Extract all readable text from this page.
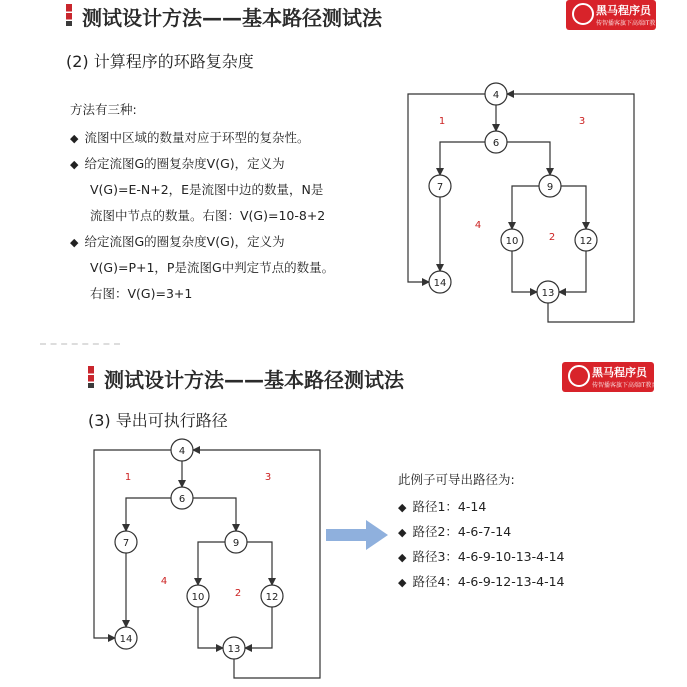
测试设计方法——基本路径测试法	黑马程序员
传智播客旗下高端IT教育品牌
(2) 计算程序的环路复杂度
方法有三种:
◆ 流图中区域的数量对应于环型的复杂性。
◆ 给定流图G的圈复杂度V(G)，定义为
V(G)=E-N+2，E是流图中边的数量，N是
流图中节点的数量。右图：V(G)=10-8+2
◆ 给定流图G的圈复杂度V(G)，定义为
V(G)=P+1，P是流图G中判定节点的数量。
右图：V(G)=3+1
4
6
7	9
10	12
13
14
1
2
3
4
测试设计方法——基本路径测试法	黑马程序员
传智播客旗下高端IT教育品牌
(3) 导出可执行路径
4
6
7	9
10	12
13
14
1
2
3
4
此例子可导出路径为:
◆ 路径1：4-14
◆ 路径2：4-6-7-14
◆ 路径3：4-6-9-10-13-4-14
◆ 路径4：4-6-9-12-13-4-14
